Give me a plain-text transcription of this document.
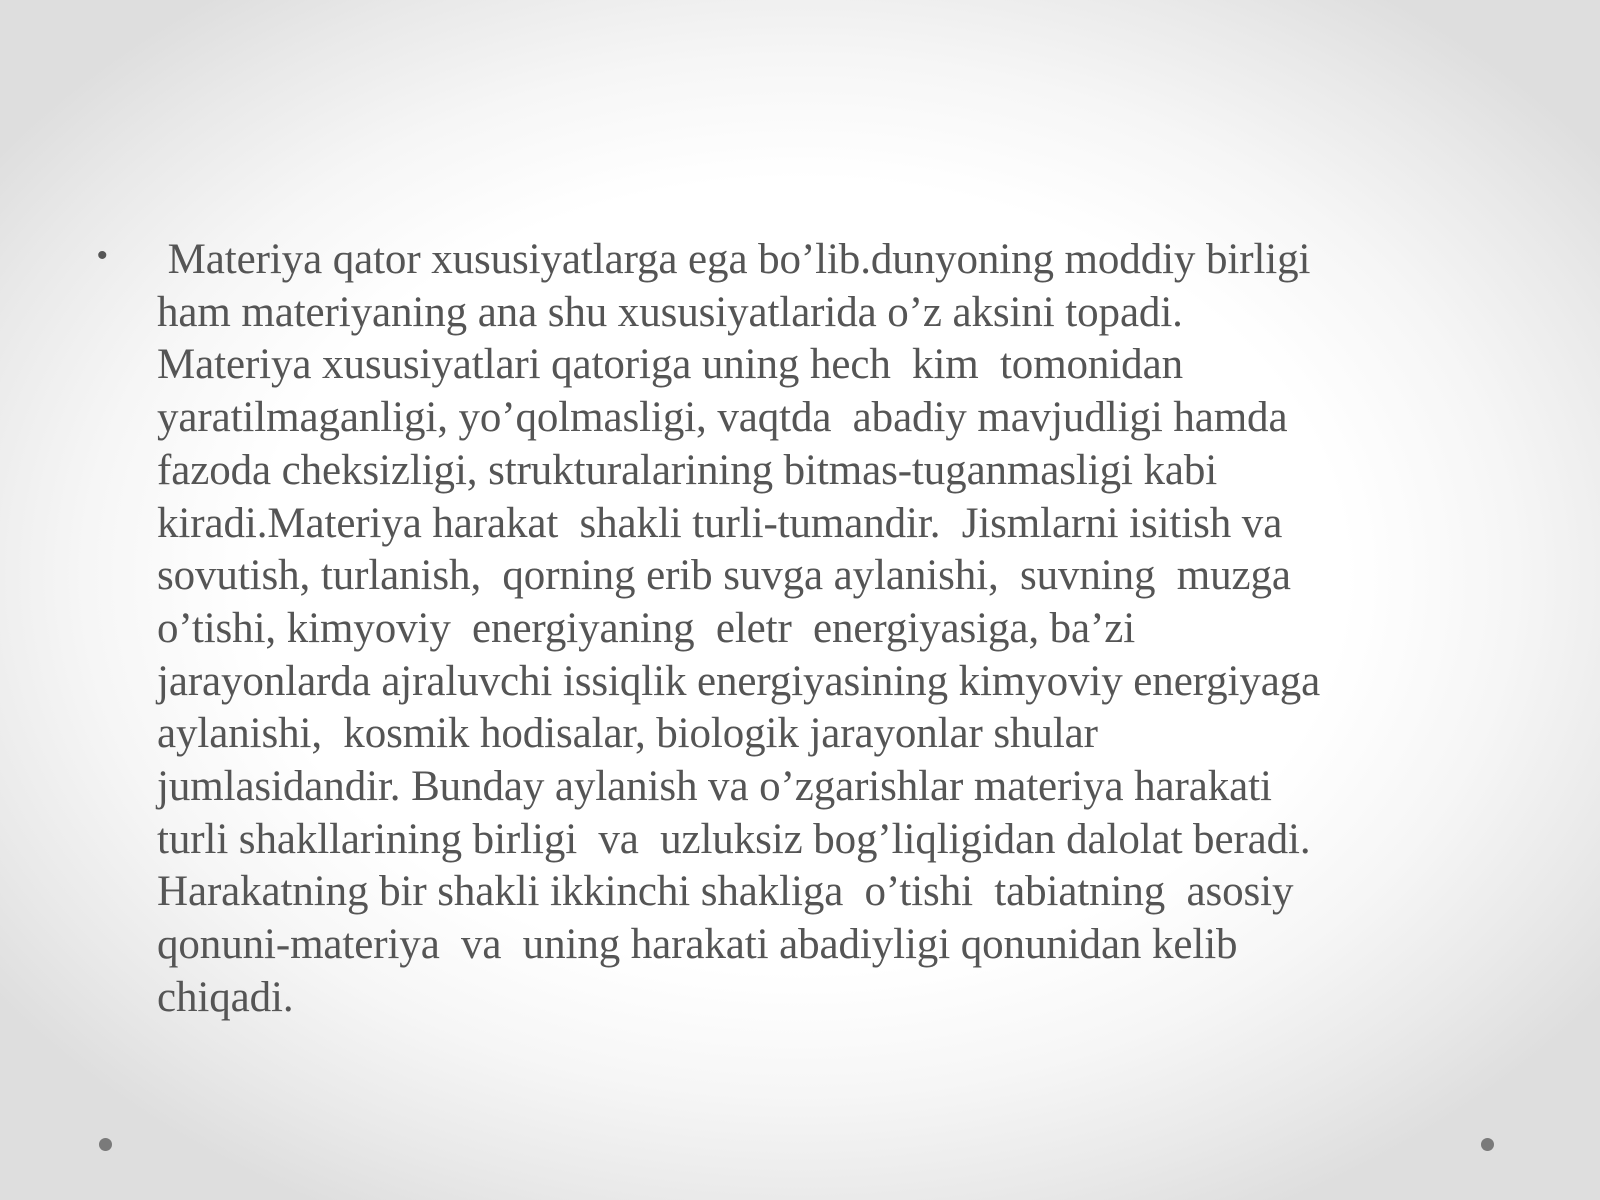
• Materiya qator xususiyatlarga ega bo’lib.dunyoning moddiy birligi
ham materiyaning ana shu xususiyatlarida o’z aksini topadi.
Materiya xususiyatlari qatoriga uning hech  kim  tomonidan
yaratilmaganligi, yo’qolmasligi, vaqtda  abadiy mavjudligi hamda
fazoda cheksizligi, strukturalarining bitmas-tuganmasligi kabi
kiradi.Materiya harakat  shakli turli-tumandir.  Jismlarni isitish va
sovutish, turlanish,  qorning erib suvga aylanishi,  suvning  muzga
o’tishi, kimyoviy  energiyaning  eletr  energiyasiga, ba’zi
jarayonlarda ajraluvchi issiqlik energiyasining kimyoviy energiyaga
aylanishi,  kosmik hodisalar, biologik jarayonlar shular
jumlasidandir. Bunday aylanish va o’zgarishlar materiya harakati
turli shakllarining birligi  va  uzluksiz bog’liqligidan dalolat beradi.
Harakatning bir shakli ikkinchi shakliga  o’tishi  tabiatning  asosiy
qonuni-materiya  va  uning harakati abadiyligi qonunidan kelib
chiqadi.
